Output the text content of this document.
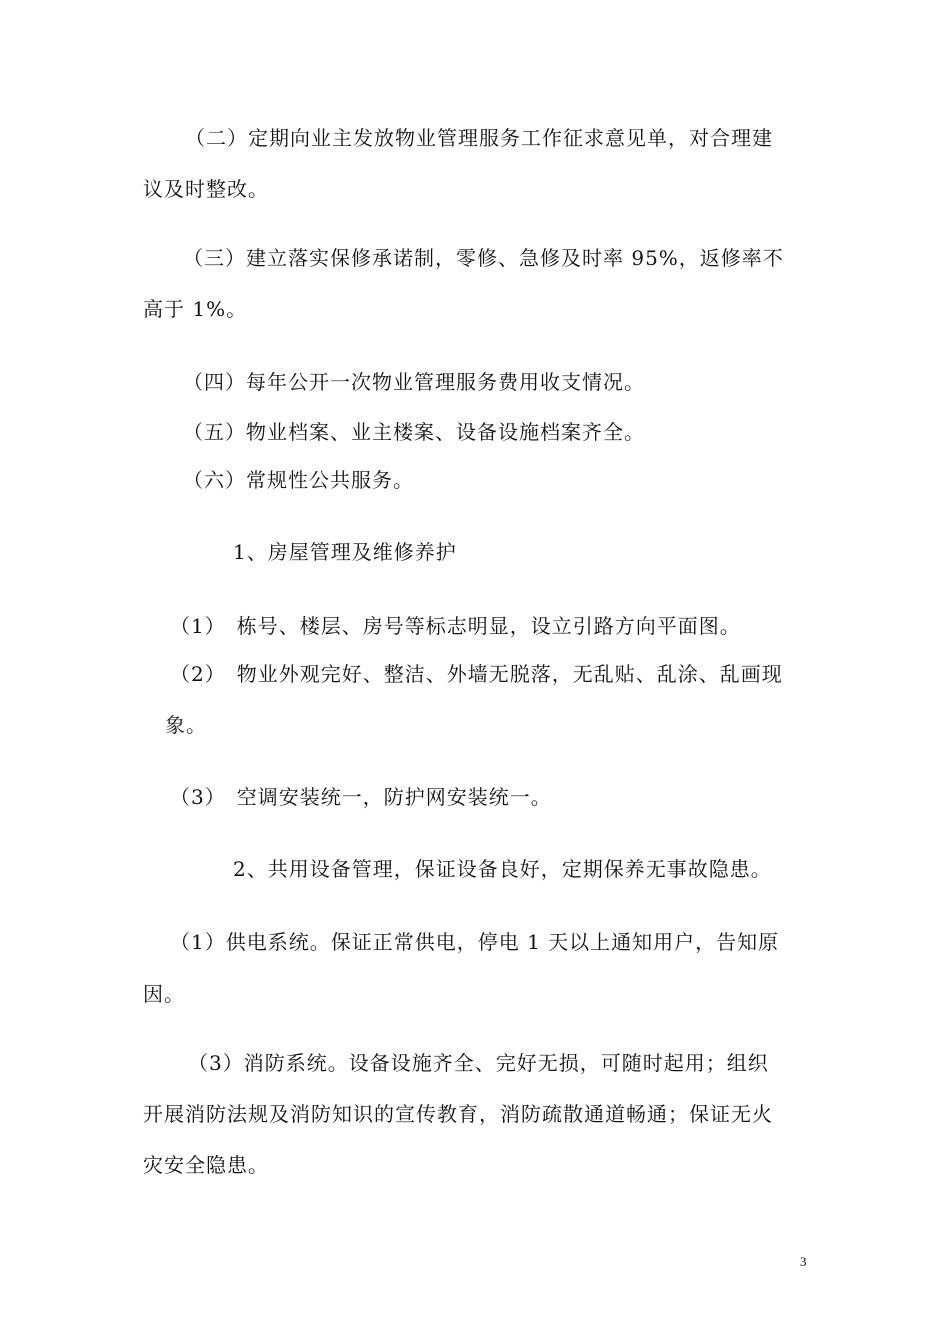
（二）定期向业主发放物业管理服务工作征求意见单，对合理建
议及时整改。
（三）建立落实保修承诺制，零修、急修及时率 95%，返修率不
高于 1%。
（四）每年公开一次物业管理服务费用收支情况。
（五）物业档案、业主楼案、设备设施档案齐全。
（六）常规性公共服务。
1、房屋管理及维修养护
（1）　栋号、楼层、房号等标志明显，设立引路方向平面图。
（2）　物业外观完好、整洁、外墙无脱落，无乱贴、乱涂、乱画现
象。
（3）　空调安装统一，防护网安装统一。
2、共用设备管理，保证设备良好，定期保养无事故隐患。
（1）供电系统。保证正常供电，停电 1 天以上通知用户，告知原
因。
（3）消防系统。设备设施齐全、完好无损，可随时起用；组织
开展消防法规及消防知识的宣传教育，消防疏散通道畅通；保证无火
灾安全隐患。
3
